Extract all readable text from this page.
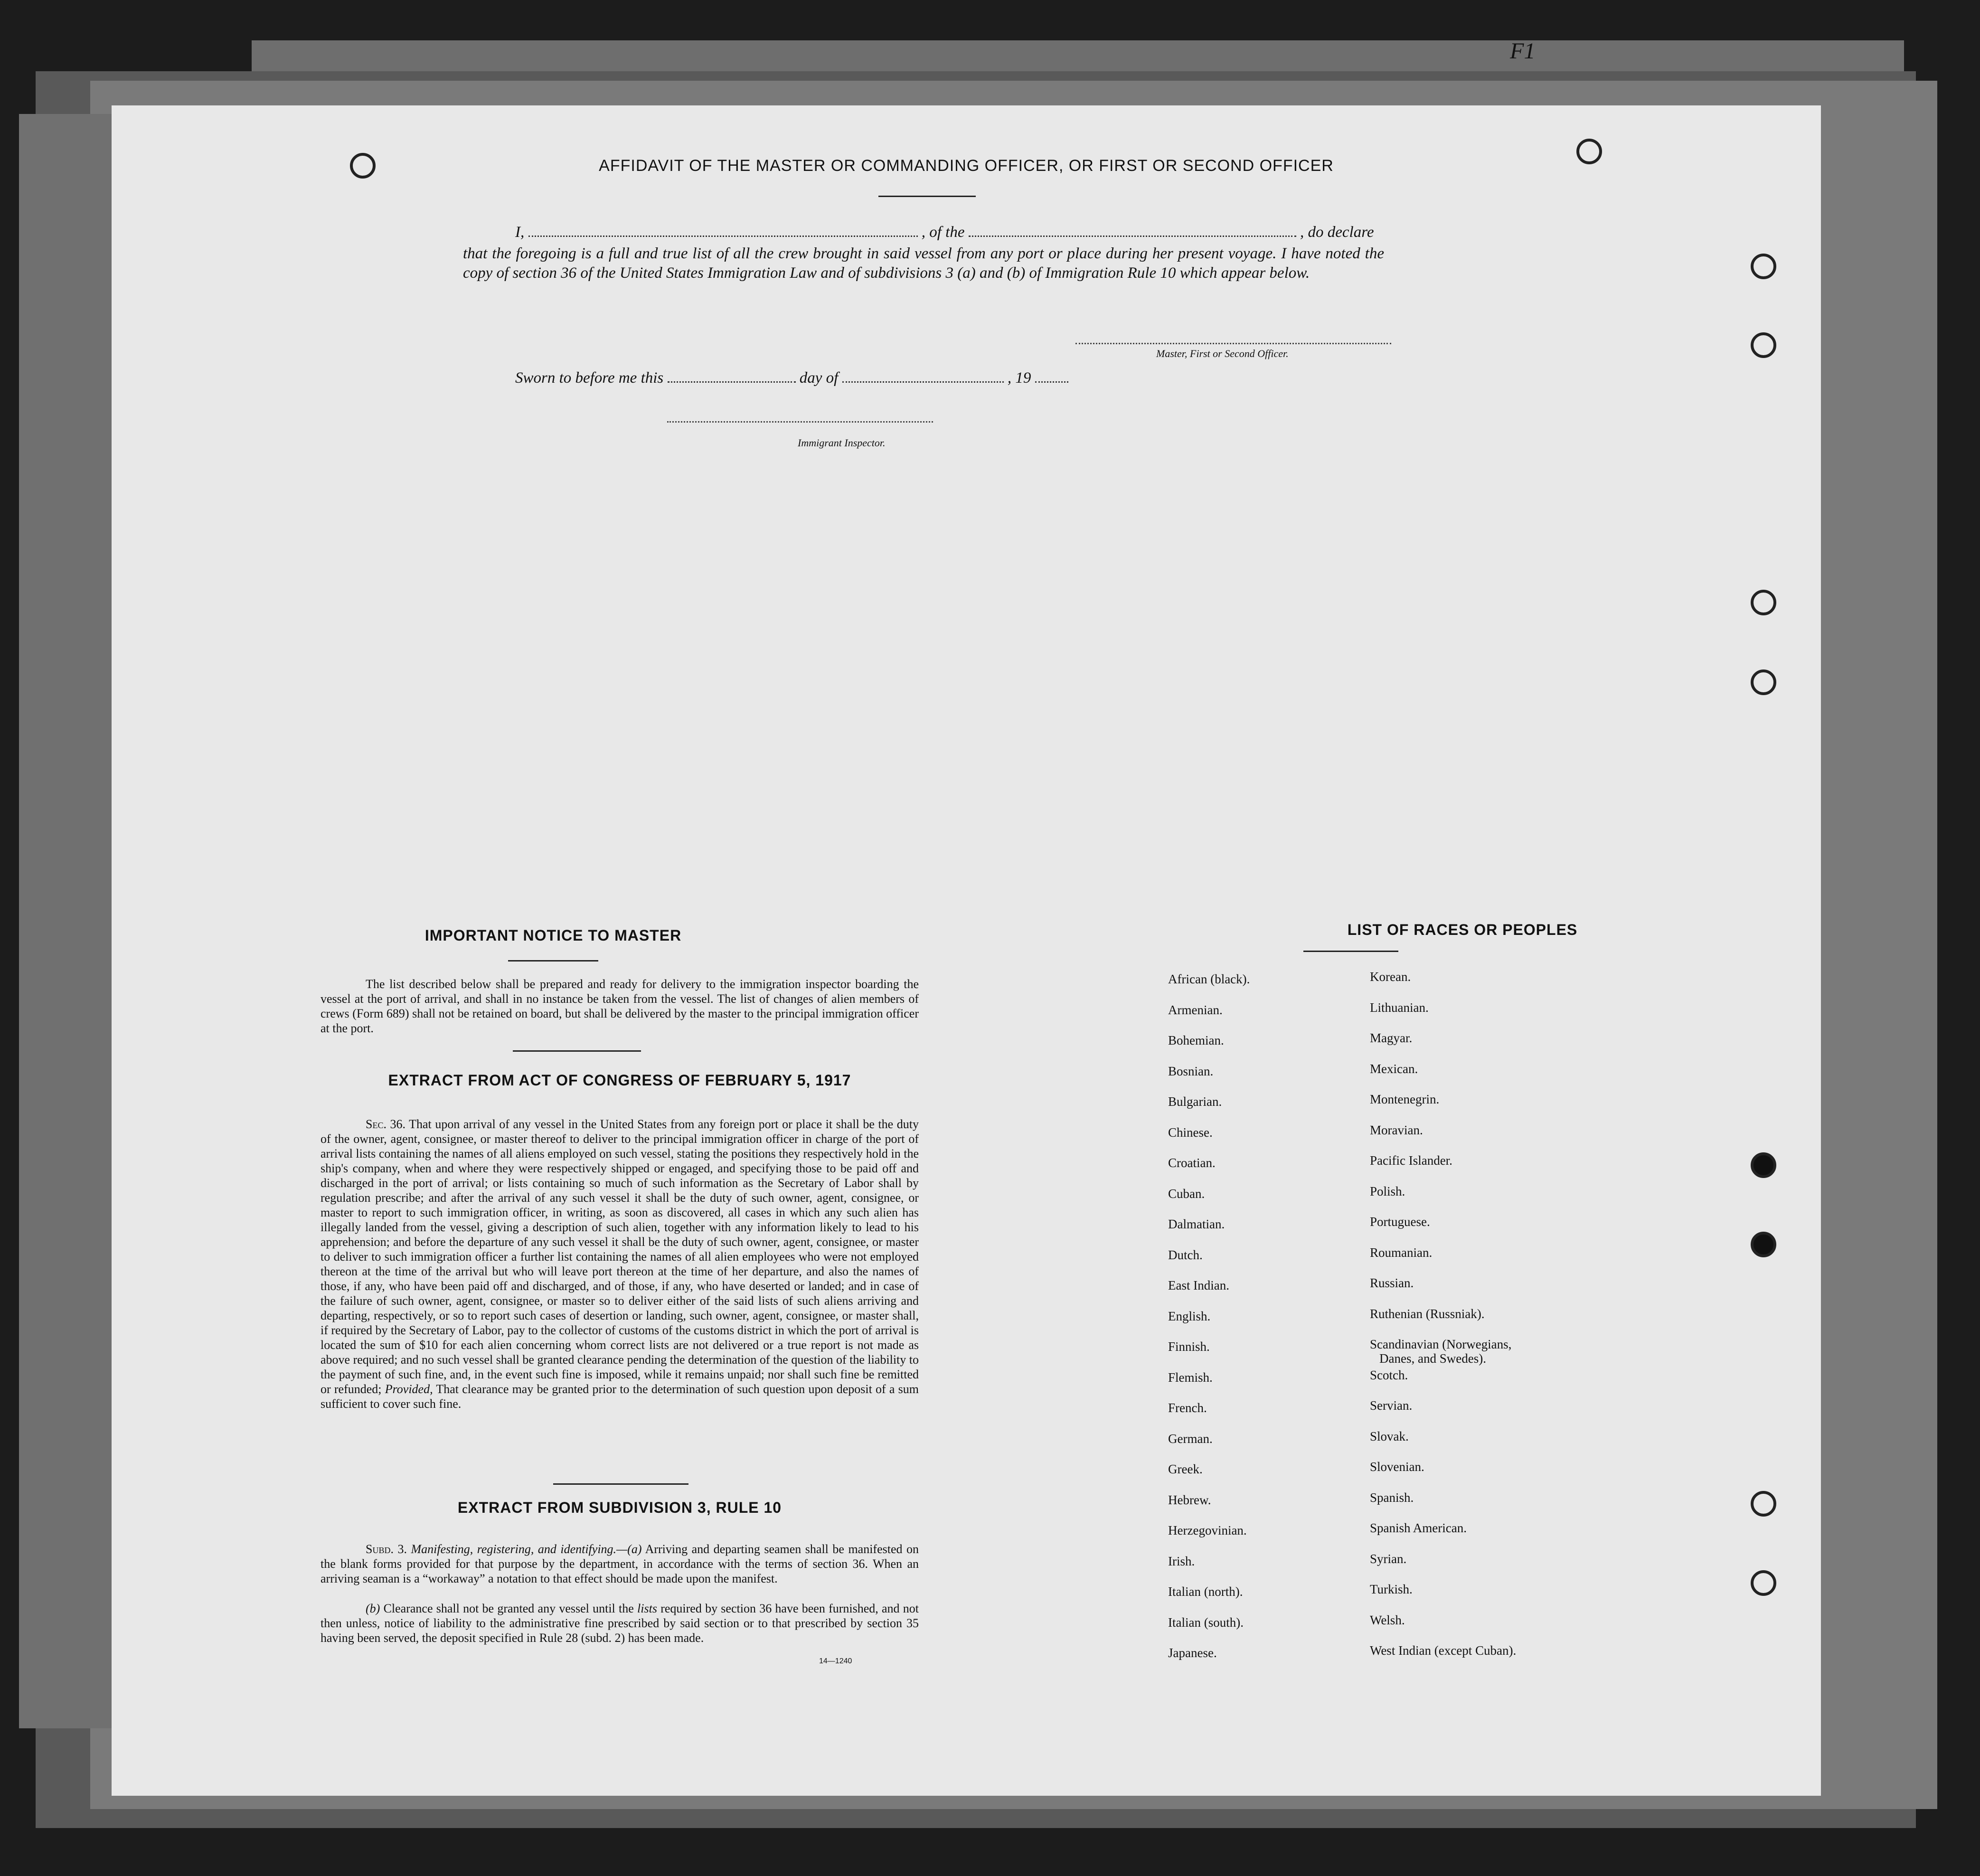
F1
AFFIDAVIT OF THE MASTER OR COMMANDING OFFICER, OR FIRST OR SECOND OFFICER
I,	, of the	, do declare
that the foregoing is a full and true list of all the crew brought in said vessel from any port or place during her present voyage. I have noted the copy of section 36 of the United States Immigration Law and of subdivisions 3 (a) and (b) of Immigration Rule 10 which appear below.
Master, First or Second Officer.
Sworn to before me this	day of	, 19
Immigrant Inspector.
IMPORTANT NOTICE TO MASTER
The list described below shall be prepared and ready for delivery to the immigration inspector boarding the vessel at the port of arrival, and shall in no instance be taken from the vessel. The list of changes of alien members of crews (Form 689) shall not be retained on board, but shall be delivered by the master to the principal immigration officer at the port.
EXTRACT FROM ACT OF CONGRESS OF FEBRUARY 5, 1917
Sec. 36. That upon arrival of any vessel in the United States from any foreign port or place it shall be the duty of the owner, agent, consignee, or master thereof to deliver to the principal immigration officer in charge of the port of arrival lists containing the names of all aliens employed on such vessel, stating the positions they respectively hold in the ship's company, when and where they were respectively shipped or engaged, and specifying those to be paid off and discharged in the port of arrival; or lists containing so much of such information as the Secretary of Labor shall by regulation prescribe; and after the arrival of any such vessel it shall be the duty of such owner, agent, consignee, or master to report to such immigration officer, in writing, as soon as discovered, all cases in which any such alien has illegally landed from the vessel, giving a description of such alien, together with any information likely to lead to his apprehension; and before the departure of any such vessel it shall be the duty of such owner, agent, consignee, or master to deliver to such immigration officer a further list containing the names of all alien employees who were not employed thereon at the time of the arrival but who will leave port thereon at the time of her departure, and also the names of those, if any, who have been paid off and discharged, and of those, if any, who have deserted or landed; and in case of the failure of such owner, agent, consignee, or master so to deliver either of the said lists of such aliens arriving and departing, respectively, or so to report such cases of desertion or landing, such owner, agent, consignee, or master shall, if required by the Secretary of Labor, pay to the collector of customs of the customs district in which the port of arrival is located the sum of $10 for each alien concerning whom correct lists are not delivered or a true report is not made as above required; and no such vessel shall be granted clearance pending the determination of the question of the liability to the payment of such fine, and, in the event such fine is imposed, while it remains unpaid; nor shall such fine be remitted or refunded; Provided, That clearance may be granted prior to the determination of such question upon deposit of a sum sufficient to cover such fine.
EXTRACT FROM SUBDIVISION 3, RULE 10
Subd. 3. Manifesting, registering, and identifying.—(a) Arriving and departing seamen shall be manifested on the blank forms provided for that purpose by the department, in accordance with the terms of section 36. When an arriving seaman is a “workaway” a notation to that effect should be made upon the manifest.
(b) Clearance shall not be granted any vessel until the lists required by section 36 have been furnished, and not then unless, notice of liability to the administrative fine prescribed by said section or to that prescribed by section 35 having been served, the deposit specified in Rule 28 (subd. 2) has been made.
14—1240
LIST OF RACES OR PEOPLES
African (black).
Armenian.
Bohemian.
Bosnian.
Bulgarian.
Chinese.
Croatian.
Cuban.
Dalmatian.
Dutch.
East Indian.
English.
Finnish.
Flemish.
French.
German.
Greek.
Hebrew.
Herzegovinian.
Irish.
Italian (north).
Italian (south).
Japanese.
Korean.
Lithuanian.
Magyar.
Mexican.
Montenegrin.
Moravian.
Pacific Islander.
Polish.
Portuguese.
Roumanian.
Russian.
Ruthenian (Russniak).
Scandinavian (Norwegians,
Danes, and Swedes).
Scotch.
Servian.
Slovak.
Slovenian.
Spanish.
Spanish American.
Syrian.
Turkish.
Welsh.
West Indian (except Cuban).
